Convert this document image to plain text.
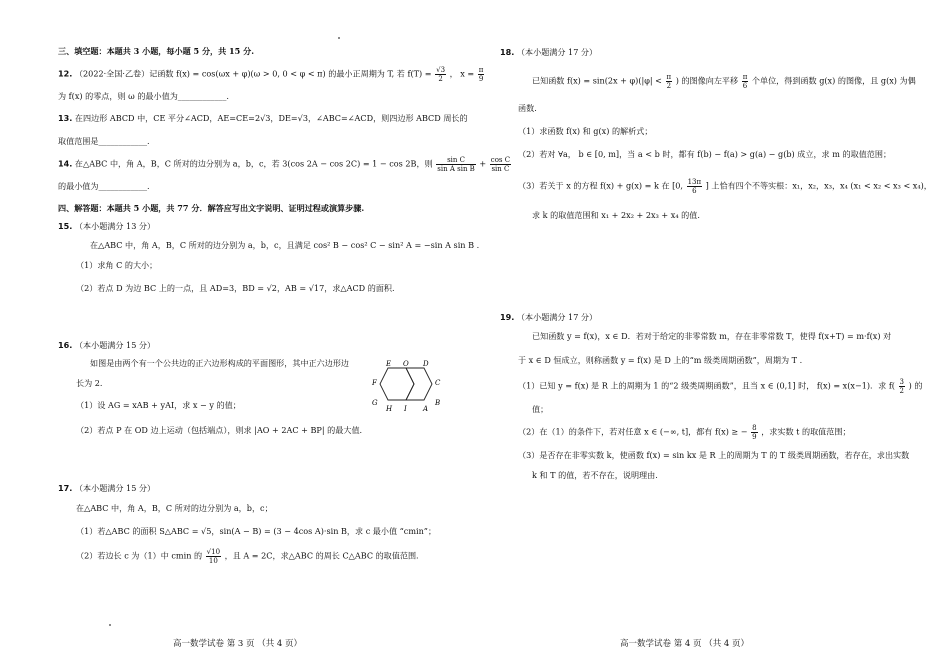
三、填空题：本题共 3 小题，每小题 5 分，共 15 分.
12. （2022·全国·乙卷）记函数 f(x) = cos(ωx + φ)(ω > 0, 0 < φ < π) 的最小正周期为 T, 若 $f(T) = \frac{√3}{2}$ ， $x = \frac{\pi}{9}$
为 f(x) 的零点，则 ω 的最小值为____________.
13. 在四边形 ABCD 中，CE 平分∠ACD，AE=CE=2√3，DE=√3，∠ABC=∠ACD，则四边形 ABCD 周长的
取值范围是____________.
14. 在△ABC 中，角 A，B，C 所对的边分别为 a，b，c，若 3(cos 2A − cos 2C) = 1 − cos 2B，则 $\frac{\text{sin C}}{\text{sin A sin B}} + \frac{\text{cos C}}{\text{sin C}}$
的最小值为____________.
四、解答题：本题共 5 小题，共 77 分．解答应写出文字说明、证明过程或演算步骤.
15. （本小题满分 13 分）
在△ABC 中，角 A，B，C 所对的边分别为 a，b，c，且满足 cos² B − cos² C − sin² A = −sin A sin B .
（1）求角 C 的大小；
（2）若点 D 为边 BC 上的一点，且 AD=3，BD = √2，AB = √17，求△ACD 的面积.
16. （本小题满分 15 分）
如图是由两个有一个公共边的正六边形构成的平面图形，其中正六边形边
长为 2.
（1）设 AG = xAB + yAI，求 x − y 的值；
（2）若点 P 在 OD 边上运动（包括端点），则求 |AO + 2AC + BP| 的最大值.
E O D
F	C
G	B
H I A
17. （本小题满分 15 分）
在△ABC 中，角 A，B，C 所对的边分别为 a，b，c；
（1）若△ABC 的面积 S△ABC = √5，sin(A − B) = (3 − 4cos A)·sin B，求 c 最小值 “cmin”；
（2）若边长 c 为（1）中 cmin 的 $\frac{√10}{10}$ ，且 A = 2C，求△ABC 的周长 C△ABC 的取值范围.
高一数学试卷 第 3 页 （共 4 页）
18. （本小题满分 17 分）
已知函数 $f(x) = \sin(2x + \varphi)(|\varphi| < \frac{\pi}{2}$ ) 的图像向左平移 $\frac{\pi}{6}$ 个单位，得到函数 g(x) 的图像，且 g(x) 为偶
函数.
（1）求函数 f(x) 和 g(x) 的解析式；
（2）若对 ∀a， b ∈ [0, m]，当 a < b 时，都有 f(b) − f(a) > g(a) − g(b) 成立，求 m 的取值范围；
（3）若关于 x 的方程 f(x) + g(x) = k 在 [0, $\frac{13\pi}{6}$ ] 上恰有四个不等实根：x₁，x₂，x₃，x₄ (x₁ < x₂ < x₃ < x₄)，
求 k 的取值范围和 x₁ + 2x₂ + 2x₃ + x₄ 的值.
19. （本小题满分 17 分）
已知函数 y = f(x)，x ∈ D．若对于给定的非零常数 m，存在非零常数 T，使得 f(x+T) = m·f(x) 对
于 x ∈ D 恒成立，则称函数 y = f(x) 是 D 上的“m 级类周期函数”，周期为 T .
（1）已知 y = f(x) 是 R 上的周期为 1 的“2 级类周期函数”，且当 x ∈ (0,1] 时， f(x) = x(x−1)．求 $f( \frac{3}{2}$ ) 的
值；
（2）在（1）的条件下，若对任意 x ∈ (−∞, t]，都有 f(x) ≥ − $\frac{8}{9}$ ，求实数 t 的取值范围；
（3）是否存在非零实数 k，使函数 f(x) = sin kx 是 R 上的周期为 T 的 T 级类周期函数，若存在，求出实数
k 和 T 的值，若不存在，说明理由.
高一数学试卷 第 4 页 （共 4 页）
